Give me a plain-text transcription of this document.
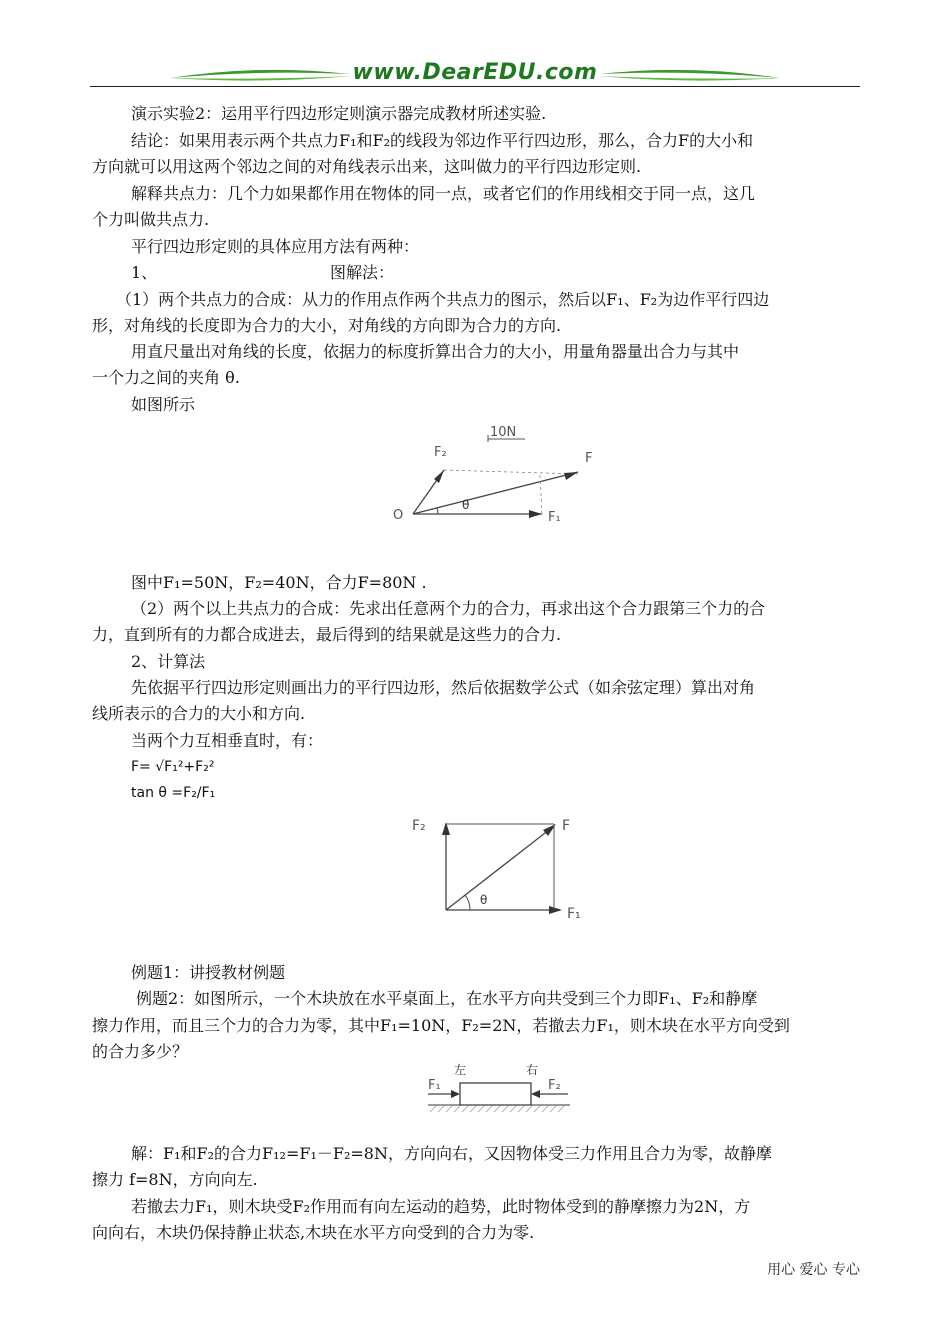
www.DearEDU.com
演示实验2：运用平行四边形定则演示器完成教材所述实验.
结论：如果用表示两个共点力F₁和F₂的线段为邻边作平行四边形，那么，合力F的大小和
方向就可以用这两个邻边之间的对角线表示出来，这叫做力的平行四边形定则.
解释共点力：几个力如果都作用在物体的同一点，或者它们的作用线相交于同一点，这几
个力叫做共点力.
平行四边形定则的具体应用方法有两种：
1、	图解法：
（1）两个共点力的合成：从力的作用点作两个共点力的图示，然后以F₁、F₂为边作平行四边
形，对角线的长度即为合力的大小，对角线的方向即为合力的方向.
用直尺量出对角线的长度，依据力的标度折算出合力的大小，用量角器量出合力与其中
一个力之间的夹角 θ.
如图所示
10N
O
F₂	F
F₁
θ
图中F₁=50N，F₂=40N，合力F=80N .
（2）两个以上共点力的合成：先求出任意两个力的合力，再求出这个合力跟第三个力的合
力，直到所有的力都合成进去，最后得到的结果就是这些力的合力.
2、计算法
先依据平行四边形定则画出力的平行四边形，然后依据数学公式（如余弦定理）算出对角
线所表示的合力的大小和方向.
当两个力互相垂直时，有：
F= √F₁²+F₂²
tan θ =F₂/F₁
F₂	F
F₁
θ
例题1：讲授教材例题
例题2：如图所示，一个木块放在水平桌面上，在水平方向共受到三个力即F₁、F₂和静摩
擦力作用，而且三个力的合力为零，其中F₁=10N，F₂=2N，若撤去力F₁，则木块在水平方向受到
的合力多少？
左	右
F₁	F₂
解：F₁和F₂的合力F₁₂=F₁－F₂=8N，方向向右，又因物体受三力作用且合力为零，故静摩
擦力 f=8N，方向向左.
若撤去力F₁，则木块受F₂作用而有向左运动的趋势，此时物体受到的静摩擦力为2N，方
向向右，木块仍保持静止状态,木块在水平方向受到的合力为零.
用心 爱心 专心
